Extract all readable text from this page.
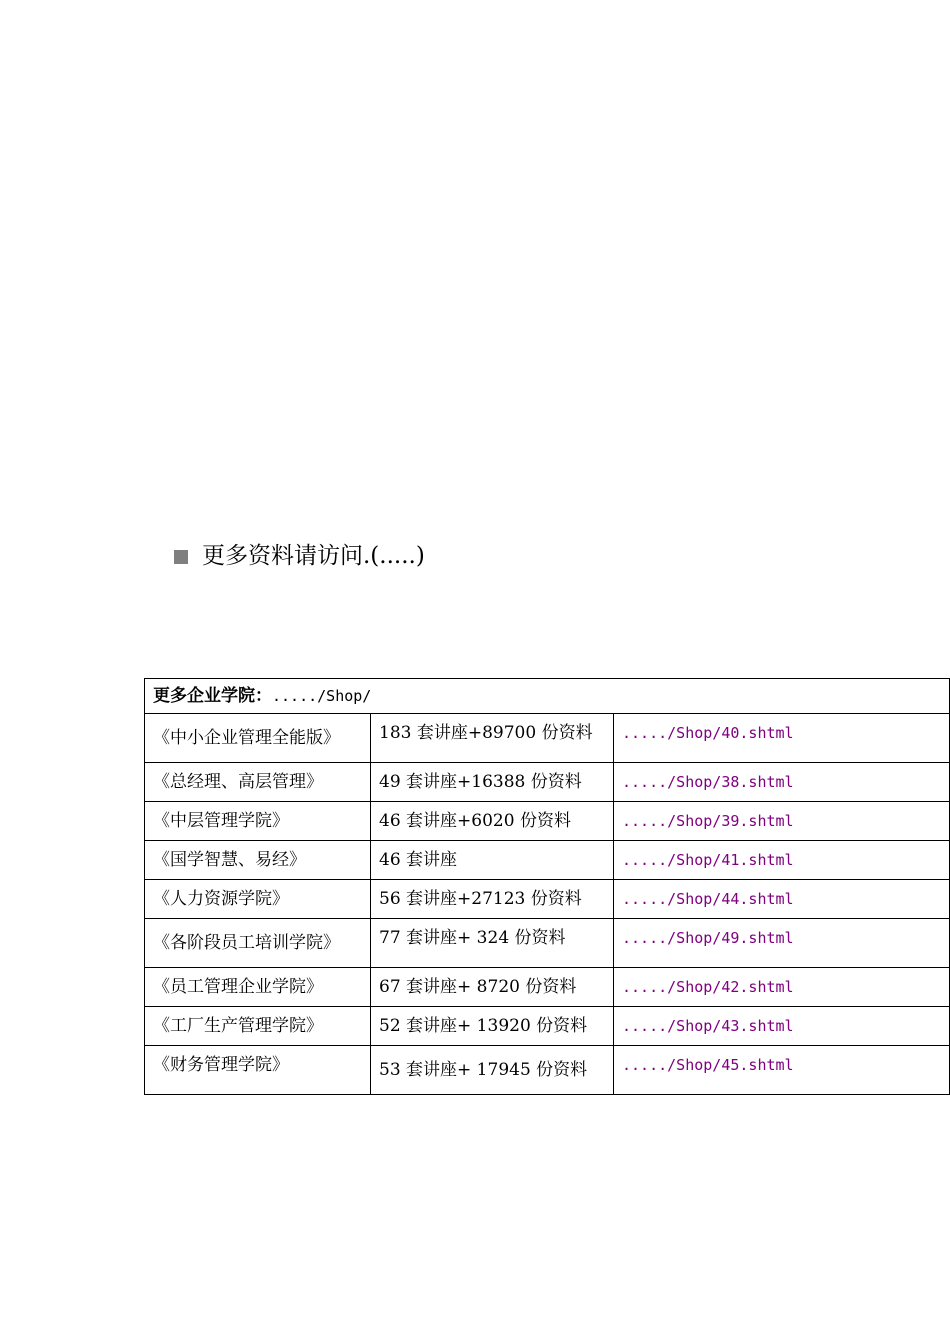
更多资料请访问.(.....)
更多企业学院：...../Shop/		
《中小企业管理全能版》	183 套讲座+89700 份资料	...../Shop/40.shtml
《总经理、高层管理》	49 套讲座+16388 份资料	...../Shop/38.shtml
《中层管理学院》	46 套讲座+6020 份资料	...../Shop/39.shtml
《国学智慧、易经》	46 套讲座	...../Shop/41.shtml
《人力资源学院》	56 套讲座+27123 份资料	...../Shop/44.shtml
《各阶段员工培训学院》	77 套讲座+ 324 份资料	...../Shop/49.shtml
《员工管理企业学院》	67 套讲座+ 8720 份资料	...../Shop/42.shtml
《工厂生产管理学院》	52 套讲座+ 13920 份资料	...../Shop/43.shtml
《财务管理学院》	53 套讲座+ 17945 份资料	...../Shop/45.shtml
